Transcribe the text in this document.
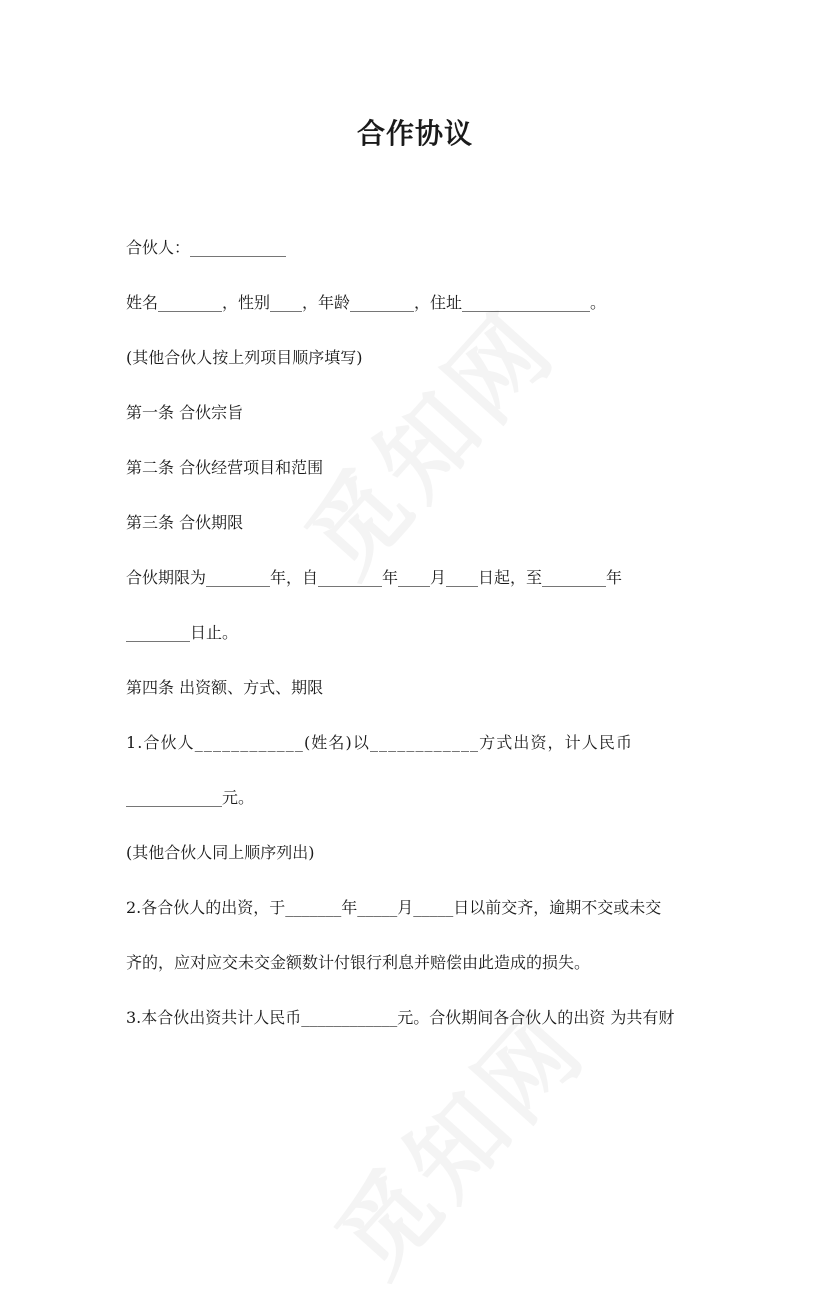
合作协议

合伙人：____________

姓名________，性别____，年龄________，住址________________。

(其他合伙人按上列项目顺序填写)

第一条 合伙宗旨

第二条 合伙经营项目和范围

第三条 合伙期限

合伙期限为________年，自________年____月____日起，至________年

________日止。

第四条 出资额、方式、期限

1.合伙人____________(姓名)以____________方式出资，计人民币

____________元。

(其他合伙人同上顺序列出)

2.各合伙人的出资，于_______年_____月_____日以前交齐，逾期不交或未交

齐的，应对应交未交金额数计付银行利息并赔偿由此造成的损失。

3.本合伙出资共计人民币____________元。合伙期间各合伙人的出资 为共有财
